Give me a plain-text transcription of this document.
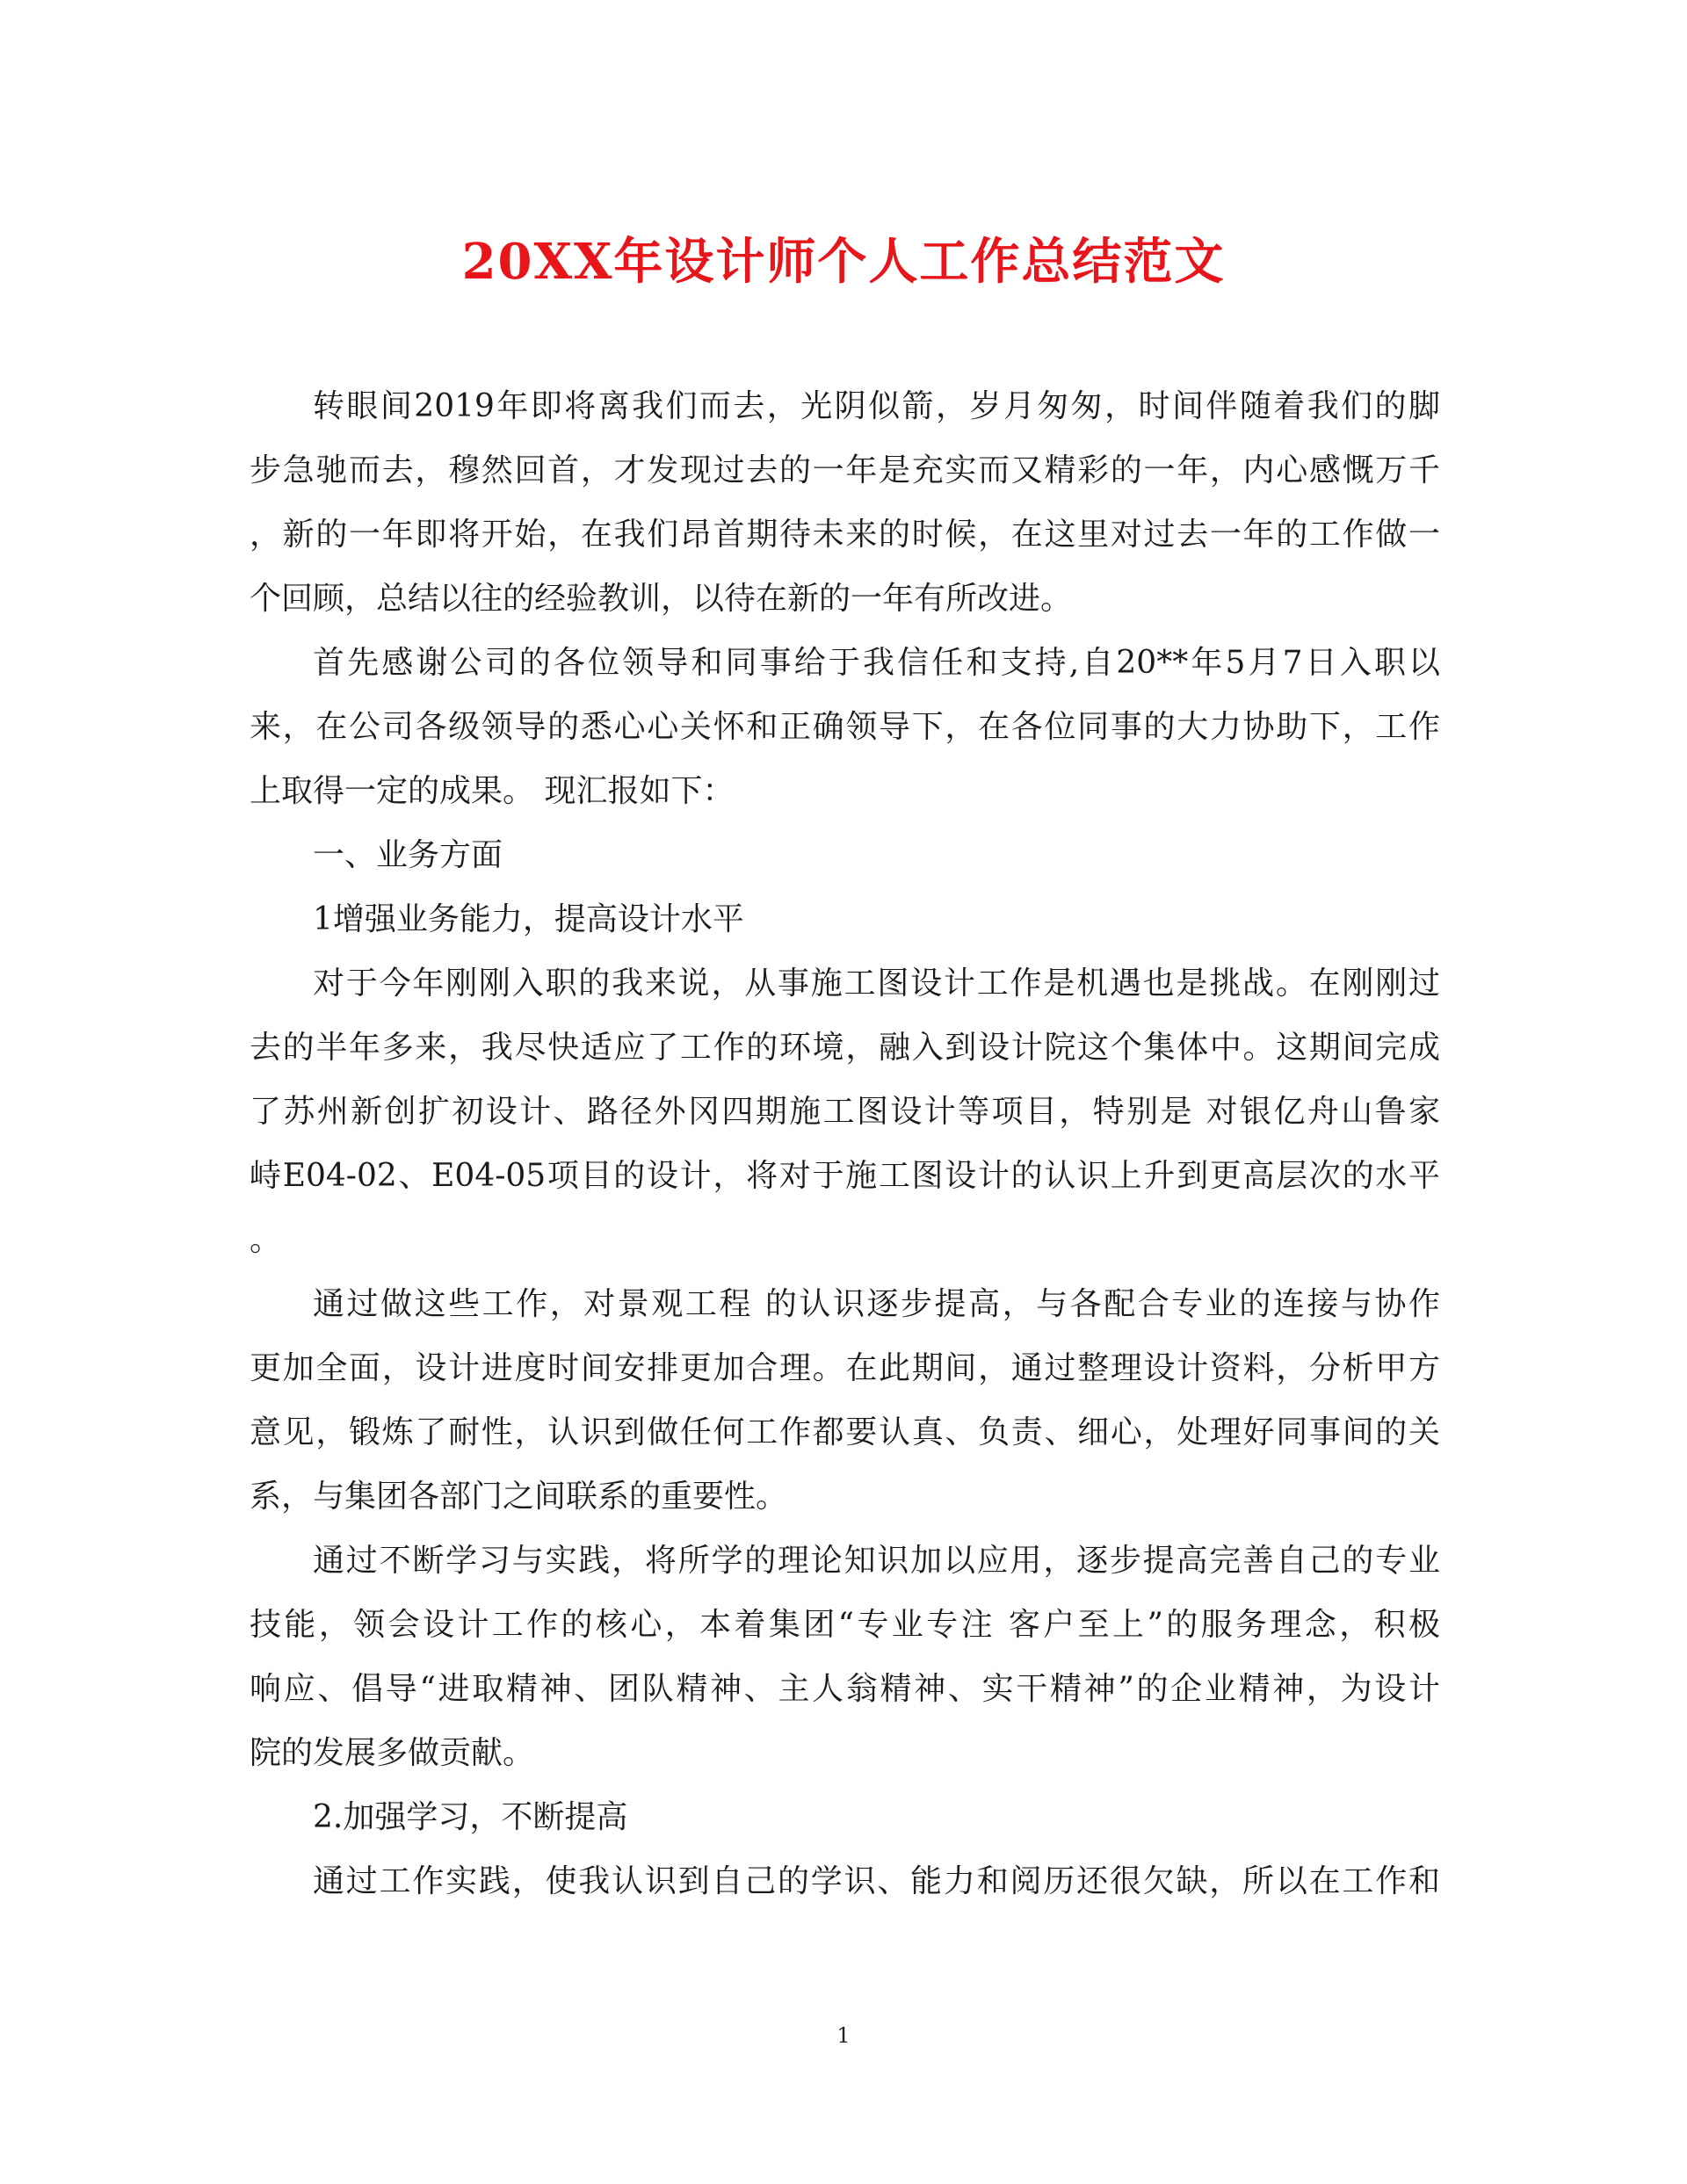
20XX年设计师个人工作总结范文
转眼间2019年即将离我们而去，光阴似箭，岁月匆匆，时间伴随着我们的脚
步急驰而去，穆然回首，才发现过去的一年是充实而又精彩的一年，内心感慨万千
，新的一年即将开始，在我们昂首期待未来的时候，在这里对过去一年的工作做一
个回顾，总结以往的经验教训，以待在新的一年有所改进。
首先感谢公司的各位领导和同事给于我信任和支持,自20**年5月7日入职以
来，在公司各级领导的悉心心关怀和正确领导下，在各位同事的大力协助下，工作
上取得一定的成果。 现汇报如下：
一、业务方面
1增强业务能力，提高设计水平
对于今年刚刚入职的我来说，从事施工图设计工作是机遇也是挑战。在刚刚过
去的半年多来，我尽快适应了工作的环境，融入到设计院这个集体中。这期间完成
了苏州新创扩初设计、路径外冈四期施工图设计等项目，特别是 对银亿舟山鲁家
峙E04-02、E04-05项目的设计，将对于施工图设计的认识上升到更高层次的水平
。
通过做这些工作，对景观工程 的认识逐步提高，与各配合专业的连接与协作
更加全面，设计进度时间安排更加合理。在此期间，通过整理设计资料，分析甲方
意见，锻炼了耐性，认识到做任何工作都要认真、负责、细心，处理好同事间的关
系，与集团各部门之间联系的重要性。
通过不断学习与实践，将所学的理论知识加以应用，逐步提高完善自己的专业
技能，领会设计工作的核心，本着集团“专业专注 客户至上”的服务理念，积极
响应、倡导“进取精神、团队精神、主人翁精神、实干精神”的企业精神，为设计
院的发展多做贡献。
2.加强学习，不断提高
通过工作实践，使我认识到自己的学识、能力和阅历还很欠缺，所以在工作和
1
